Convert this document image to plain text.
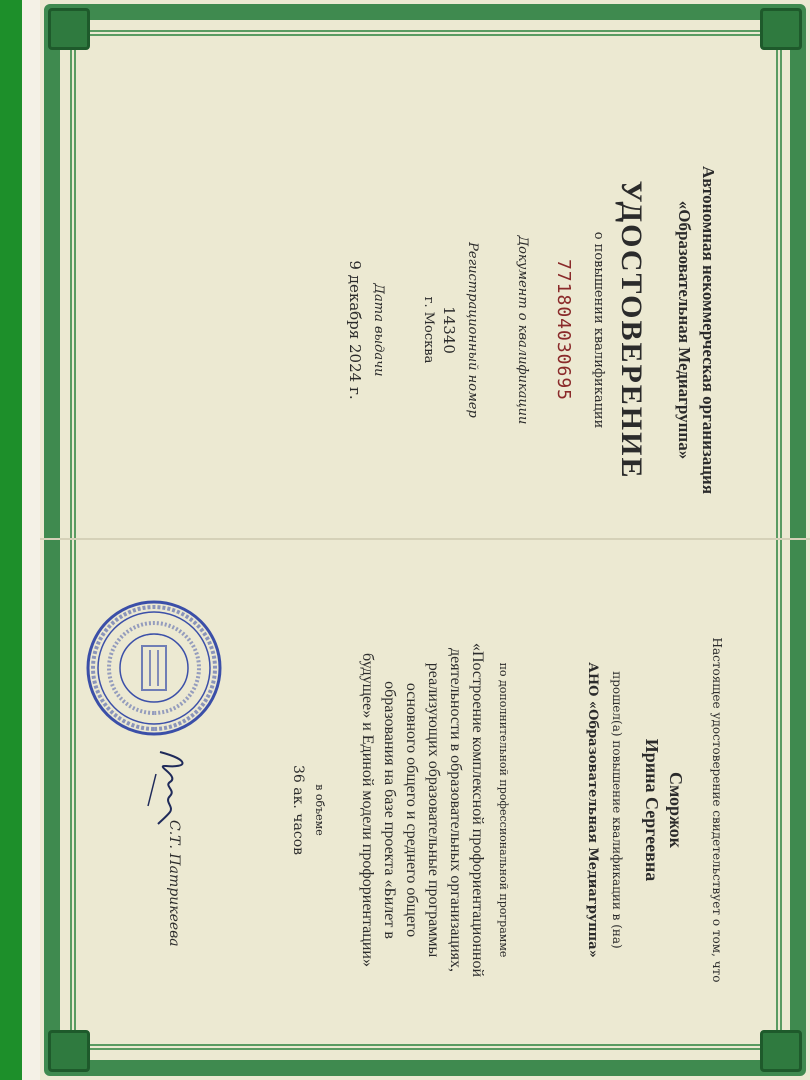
Автономная некоммерческая организация
«Образовательная Медиагруппа»
УДОСТОВЕРЕНИЕ
о повышении квалификации
771804030695
Документ о квалификации
Регистрационный номер
14340
г. Москва
Дата выдачи
9 декабря 2024 г.
Настоящее удостоверение свидетельствует о том, что
Сморжок
Ирина Сергеевна
прошел(а) повышение квалификации в (на)
АНО «Образовательная Медиагруппа»
по дополнительной профессиональной программе
«Построение комплексной профориентационной
деятельности в образовательных организациях,
реализующих образовательные программы
основного общего и среднего общего
образования на базе проекта «Билет в
будущее» и Единой модели профориентации»
в объеме
36 ак. часов
С.Т. Патрикеева
